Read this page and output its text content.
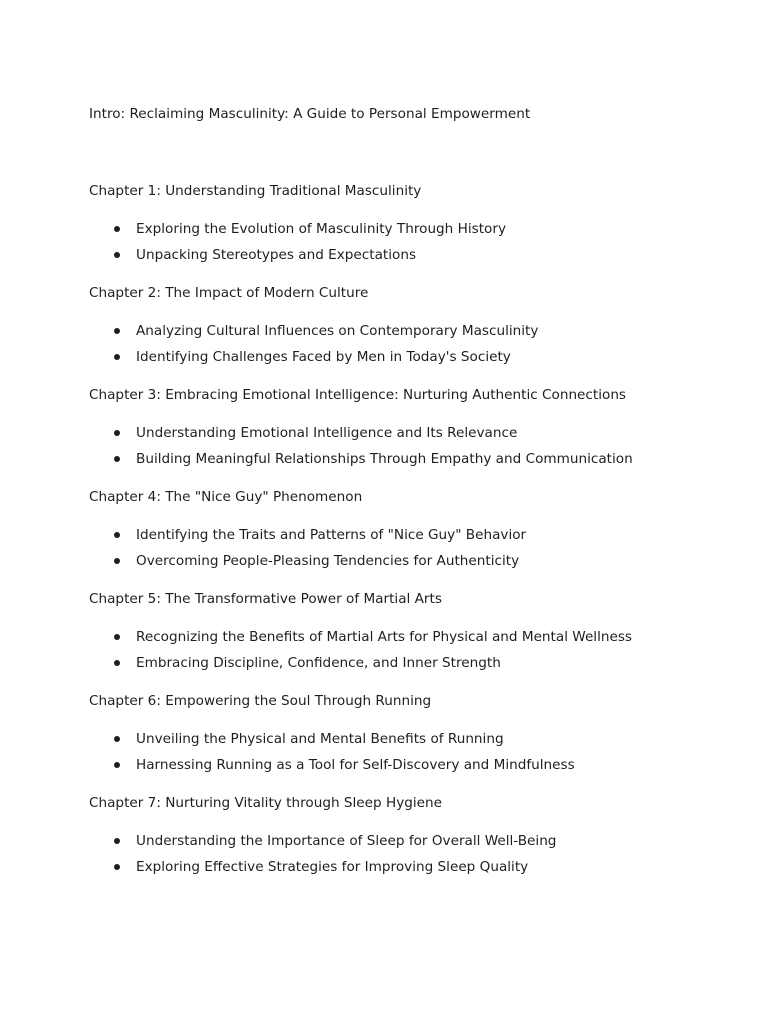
Intro: Reclaiming Masculinity: A Guide to Personal Empowerment

Chapter 1: Understanding Traditional Masculinity

Exploring the Evolution of Masculinity Through History
Unpacking Stereotypes and Expectations

Chapter 2: The Impact of Modern Culture

Analyzing Cultural Influences on Contemporary Masculinity
Identifying Challenges Faced by Men in Today's Society

Chapter 3: Embracing Emotional Intelligence: Nurturing Authentic Connections

Understanding Emotional Intelligence and Its Relevance
Building Meaningful Relationships Through Empathy and Communication

Chapter 4: The "Nice Guy" Phenomenon

Identifying the Traits and Patterns of "Nice Guy" Behavior
Overcoming People-Pleasing Tendencies for Authenticity

Chapter 5: The Transformative Power of Martial Arts

Recognizing the Benefits of Martial Arts for Physical and Mental Wellness
Embracing Discipline, Confidence, and Inner Strength

Chapter 6: Empowering the Soul Through Running

Unveiling the Physical and Mental Benefits of Running
Harnessing Running as a Tool for Self-Discovery and Mindfulness

Chapter 7: Nurturing Vitality through Sleep Hygiene

Understanding the Importance of Sleep for Overall Well-Being
Exploring Effective Strategies for Improving Sleep Quality
